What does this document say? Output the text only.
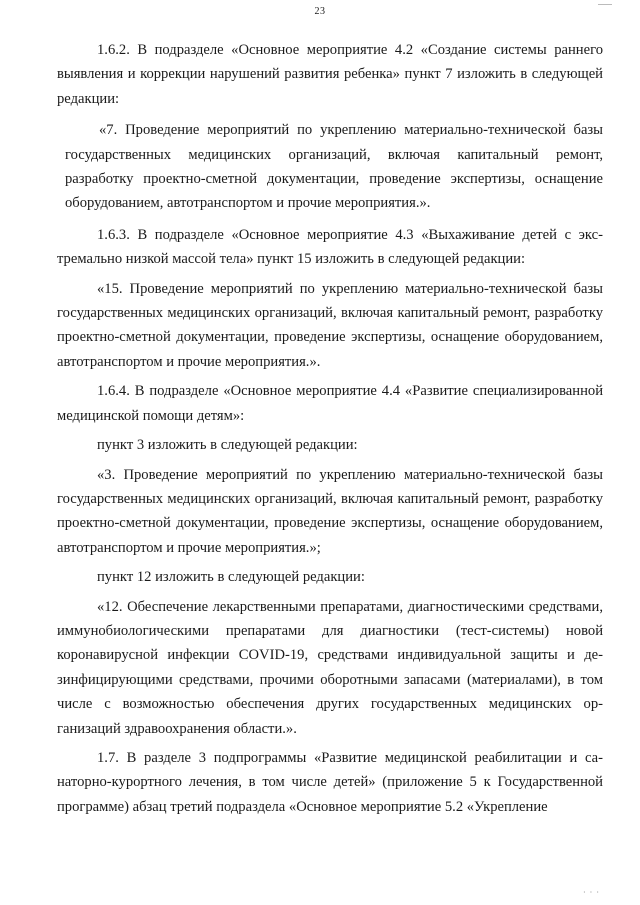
23

1.6.2. В подразделе «Основное мероприятие 4.2 «Создание системы раннего выявления и коррекции нарушений развития ребенка» пункт 7 изложить в следующей редакции:

«7. Проведение мероприятий по укреплению материально-технической базы государственных медицинских организаций, включая капитальный ремонт, разработку проектно-сметной документации, проведение экспертизы, оснащение оборудованием, автотранспортом и прочие мероприятия.».

1.6.3. В подразделе «Основное мероприятие 4.3 «Выхаживание детей с экстремально низкой массой тела» пункт 15 изложить в следующей редакции:

«15. Проведение мероприятий по укреплению материально-технической базы государственных медицинских организаций, включая капитальный ремонт, разработку проектно-сметной документации, проведение экспертизы, оснащение оборудованием, автотранспортом и прочие мероприятия.».

1.6.4. В подразделе «Основное мероприятие 4.4 «Развитие специализированной медицинской помощи детям»:

пункт 3 изложить в следующей редакции:

«3. Проведение мероприятий по укреплению материально-технической базы государственных медицинских организаций, включая капитальный ремонт, разработку проектно-сметной документации, проведение экспертизы, оснащение оборудованием, автотранспортом и прочие мероприятия.»;

пункт 12 изложить в следующей редакции:

«12. Обеспечение лекарственными препаратами, диагностическими средствами, иммунобиологическими препаратами для диагностики (тест-системы) новой коронавирусной инфекции COVID-19, средствами индивидуальной защиты и дезинфицирующими средствами, прочими оборотными запасами (материалами), в том числе с возможностью обеспечения других государственных медицинских организаций здравоохранения области.».

1.7. В разделе 3 подпрограммы «Развитие медицинской реабилитации и санаторно-курортного лечения, в том числе детей» (приложение 5 к Государственной программе) абзац третий подраздела «Основное мероприятие 5.2 «Укрепление

· · ·
